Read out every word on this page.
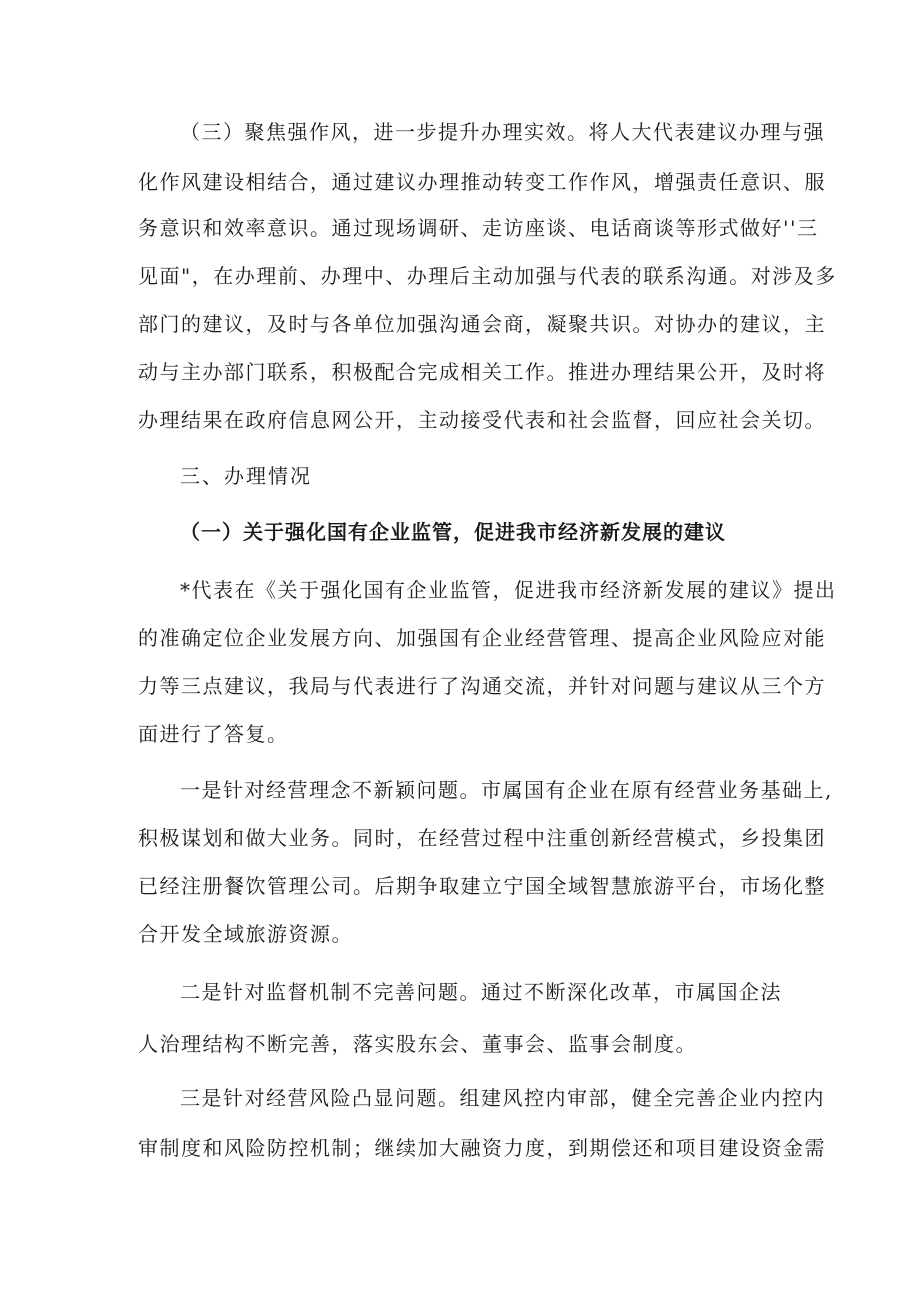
（三）聚焦强作风，进一步提升办理实效。将人大代表建议办理与强
化作风建设相结合，通过建议办理推动转变工作作风，增强责任意识、服
务意识和效率意识。通过现场调研、走访座谈、电话商谈等形式做好''三
见面"，在办理前、办理中、办理后主动加强与代表的联系沟通。对涉及多
部门的建议，及时与各单位加强沟通会商，凝聚共识。对协办的建议，主
动与主办部门联系，积极配合完成相关工作。推进办理结果公开，及时将
办理结果在政府信息网公开，主动接受代表和社会监督，回应社会关切。
三、办理情况
（一）关于强化国有企业监管，促进我市经济新发展的建议
*代表在《关于强化国有企业监管，促进我市经济新发展的建议》提出
的准确定位企业发展方向、加强国有企业经营管理、提高企业风险应对能
力等三点建议，我局与代表进行了沟通交流，并针对问题与建议从三个方
面进行了答复。
一是针对经营理念不新颖问题。市属国有企业在原有经营业务基础上,
积极谋划和做大业务。同时，在经营过程中注重创新经营模式，乡投集团
已经注册餐饮管理公司。后期争取建立宁国全域智慧旅游平台，市场化整
合开发全域旅游资源。
二是针对监督机制不完善问题。通过不断深化改革，市属国企法
人治理结构不断完善，落实股东会、董事会、监事会制度。
三是针对经营风险凸显问题。组建风控内审部，健全完善企业内控内
审制度和风险防控机制；继续加大融资力度，到期偿还和项目建设资金需
